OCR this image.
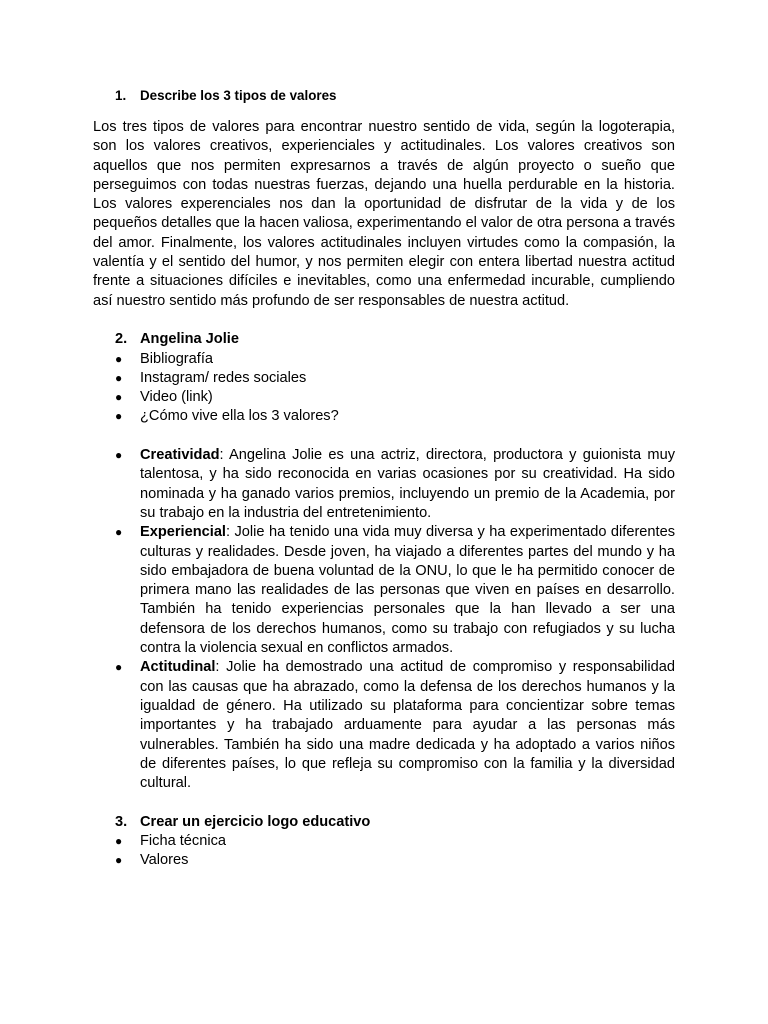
1.	Describe los 3 tipos de valores

Los tres tipos de valores para encontrar nuestro sentido de vida, según la logoterapia, son los valores creativos, experienciales y actitudinales. Los valores creativos son aquellos que nos permiten expresarnos a través de algún proyecto o sueño que perseguimos con todas nuestras fuerzas, dejando una huella perdurable en la historia. Los valores experenciales nos dan la oportunidad de disfrutar de la vida y de los pequeños detalles que la hacen valiosa, experimentando el valor de otra persona a través del amor. Finalmente, los valores actitudinales incluyen virtudes como la compasión, la valentía y el sentido del humor, y nos permiten elegir con entera libertad nuestra actitud frente a situaciones difíciles e inevitables, como una enfermedad incurable, cumpliendo así nuestro sentido más profundo de ser responsables de nuestra actitud.

2. Angelina Jolie
●	Bibliografía
●	Instagram/ redes sociales
●	Video (link)
●	¿Cómo vive ella los 3 valores?
●	Creatividad: Angelina Jolie es una actriz, directora, productora y guionista muy talentosa, y ha sido reconocida en varias ocasiones por su creatividad. Ha sido nominada y ha ganado varios premios, incluyendo un premio de la Academia, por su trabajo en la industria del entretenimiento.
●	Experiencial: Jolie ha tenido una vida muy diversa y ha experimentado diferentes culturas y realidades. Desde joven, ha viajado a diferentes partes del mundo y ha sido embajadora de buena voluntad de la ONU, lo que le ha permitido conocer de primera mano las realidades de las personas que viven en países en desarrollo. También ha tenido experiencias personales que la han llevado a ser una defensora de los derechos humanos, como su trabajo con refugiados y su lucha contra la violencia sexual en conflictos armados.
●	Actitudinal: Jolie ha demostrado una actitud de compromiso y responsabilidad con las causas que ha abrazado, como la defensa de los derechos humanos y la igualdad de género. Ha utilizado su plataforma para concientizar sobre temas importantes y ha trabajado arduamente para ayudar a las personas más vulnerables. También ha sido una madre dedicada y ha adoptado a varios niños de diferentes países, lo que refleja su compromiso con la familia y la diversidad cultural.
3. Crear un ejercicio logo educativo
●	Ficha técnica
●	Valores
